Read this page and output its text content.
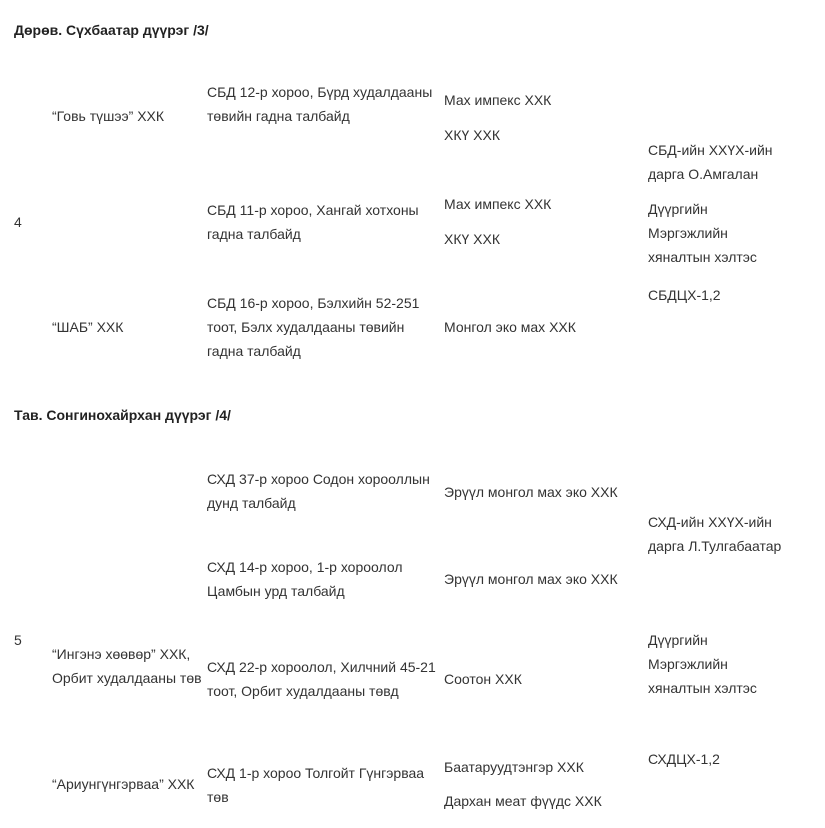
Дөрөв. Сүхбаатар дүүрэг /3/
4
“Говь түшээ” ХХК
“ШАБ” ХХК
СБД 12-р хороо, Бүрд худалдааны төвийн гадна талбайд
СБД 11-р хороо, Хангай хотхоны гадна талбайд
СБД 16-р хороо, Бэлхийн 52-251 тоот, Бэлх худалдааны төвийн гадна талбайд
Мах импекс ХХК
ХКҮ ХХК
Мах импекс ХХК
ХКҮ ХХК
Монгол эко мах ХХК
СБД-ийн ХХҮХ-ийн дарга О.Амгалан
Дүүргийн Мэргэжлийн хяналтын хэлтэс
СБДЦХ-1,2
Тав. Сонгинохайрхан дүүрэг /4/
5
“Ингэнэ хөөвөр” ХХК, Орбит худалдааны төв
“Ариунгүнгэрваа” ХХК
СХД 37-р хороо Содон хорооллын дунд талбайд
СХД 14-р хороо, 1-р хороолол Цамбын урд талбайд
СХД 22-р хороолол, Хилчний 45-21 тоот, Орбит худалдааны төвд
СХД 1-р хороо Толгойт Гүнгэрваа төв
Эрүүл монгол мах эко ХХК
Эрүүл монгол мах эко ХХК
Соотон ХХК
Баатаруудтэнгэр ХХК
Дархан меат фүүдс ХХК
СХД-ийн ХХҮХ-ийн дарга Л.Тулгабаатар
Дүүргийн Мэргэжлийн хяналтын хэлтэс
СХДЦХ-1,2
